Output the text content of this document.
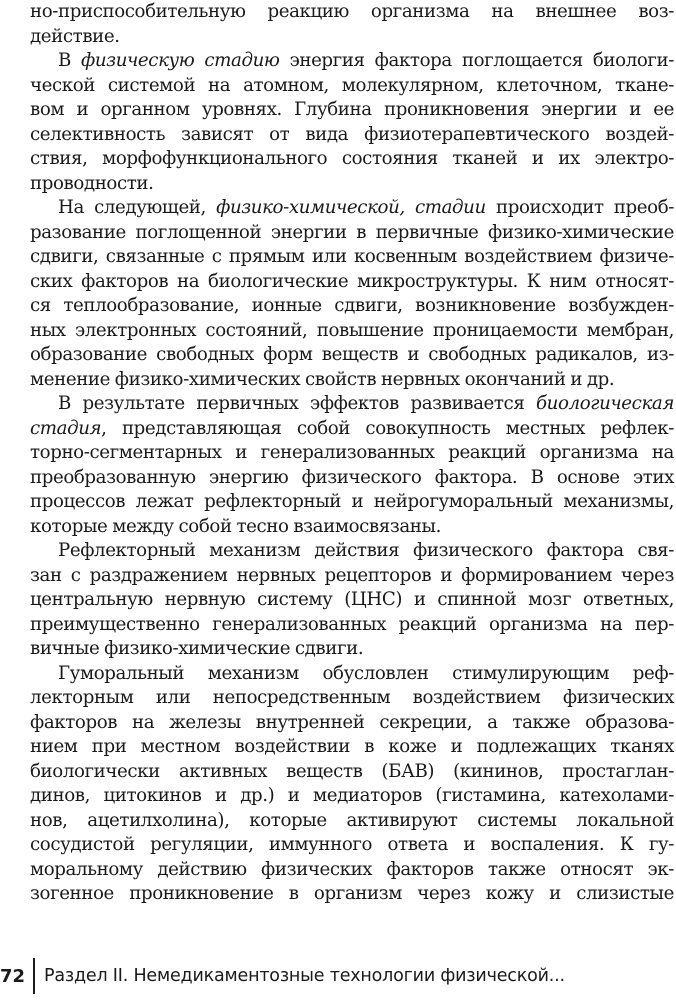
но-приспособительную реакцию организма на внешнее воз-
действие.

В физическую стадию энергия фактора поглощается биологи-
ческой системой на атомном, молекулярном, клеточном, ткане-
вом и органном уровнях. Глубина проникновения энергии и ее
селективность зависят от вида физиотерапевтического воздей-
ствия, морфофункционального состояния тканей и их электро-
проводности.

На следующей, физико-химической, стадии происходит преоб-
разование поглощенной энергии в первичные физико-химические
сдвиги, связанные с прямым или косвенным воздействием физиче-
ских факторов на биологические микроструктуры. К ним относят-
ся теплообразование, ионные сдвиги, возникновение возбужден-
ных электронных состояний, повышение проницаемости мембран,
образование свободных форм веществ и свободных радикалов, из-
менение физико-химических свойств нервных окончаний и др.

В результате первичных эффектов развивается биологическая
стадия, представляющая собой совокупность местных рефлек-
торно-сегментарных и генерализованных реакций организма на
преобразованную энергию физического фактора. В основе этих
процессов лежат рефлекторный и нейрогуморальный механизмы,
которые между собой тесно взаимосвязаны.

Рефлекторный механизм действия физического фактора свя-
зан с раздражением нервных рецепторов и формированием через
центральную нервную систему (ЦНС) и спинной мозг ответных,
преимущественно генерализованных реакций организма на пер-
вичные физико-химические сдвиги.

Гуморальный механизм обусловлен стимулирующим реф-
лекторным или непосредственным воздействием физических
факторов на железы внутренней секреции, а также образова-
нием при местном воздействии в коже и подлежащих тканях
биологически активных веществ (БАВ) (кининов, простаглан-
динов, цитокинов и др.) и медиаторов (гистамина, катехолами-
нов, ацетилхолина), которые активируют системы локальной
сосудистой регуляции, иммунного ответа и воспаления. К гу-
моральному действию физических факторов также относят эк-
зогенное проникновение в организм через кожу и слизистые

72 Раздел II. Немедикаментозные технологии физической...
